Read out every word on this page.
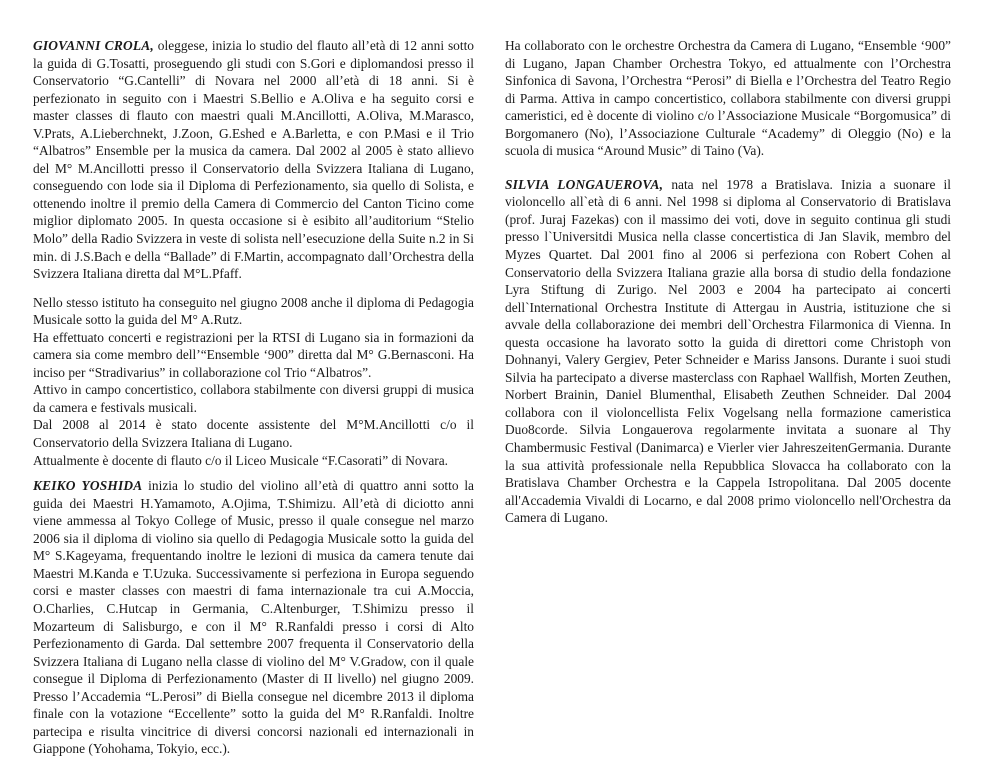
GIOVANNI CROLA, oleggese, inizia lo studio del flauto all’età di 12 anni sotto la guida di G.Tosatti, proseguendo gli studi con S.Gori e diplomandosi presso il Conservatorio “G.Cantelli” di Novara nel 2000 all’età di 18 anni. Si è perfezionato in seguito con i Maestri S.Bellio e A.Oliva e ha seguito corsi e master classes di flauto con maestri quali M.Ancillotti, A.Oliva, M.Marasco, V.Prats, A.Lieberchnekt, J.Zoon, G.Eshed e A.Barletta, e con P.Masi e il Trio “Albatros” Ensemble per la musica da camera. Dal 2002 al 2005 è stato allievo del M° M.Ancillotti presso il Conservatorio della Svizzera Italiana di Lugano, conseguendo con lode sia il Diploma di Perfezionamento, sia quello di Solista, e ottenendo inoltre il premio della Camera di Commercio del Canton Ticino come miglior diplomato 2005. In questa occasione si è esibito all’auditorium “Stelio Molo” della Radio Svizzera in veste di solista nell’esecuzione della Suite n.2 in Si min. di J.S.Bach e della “Ballade” di F.Martin, accompagnato dall’Orchestra della Svizzera Italiana diretta dal M°L.Pfaff.

Nello stesso istituto ha conseguito nel giugno 2008 anche il diploma di Pedagogia Musicale sotto la guida del M° A.Rutz.

Ha effettuato concerti e registrazioni per la RTSI di Lugano sia in formazioni da camera sia come membro dell’“Ensemble ‘900” diretta dal M° G.Bernasconi. Ha inciso per “Stradivarius” in collaborazione col Trio “Albatros”.

Attivo in campo concertistico, collabora stabilmente con diversi gruppi di musica da camera e festivals musicali.

Dal 2008 al 2014 è stato docente assistente del M°M.Ancillotti c/o il Conservatorio della Svizzera Italiana di Lugano.

Attualmente è docente di flauto c/o il Liceo Musicale “F.Casorati” di Novara.

KEIKO YOSHIDA inizia lo studio del violino all’età di quattro anni sotto la guida dei Maestri H.Yamamoto, A.Ojima, T.Shimizu. All’età di diciotto anni viene ammessa al Tokyo College of Music, presso il quale consegue nel marzo 2006 sia il diploma di violino sia quello di Pedagogia Musicale sotto la guida del M° S.Kageyama, frequentando inoltre le lezioni di musica da camera tenute dai Maestri M.Kanda e T.Uzuka. Successivamente si perfeziona in Europa seguendo corsi e master classes con maestri di fama internazionale tra cui A.Moccia, O.Charlies, C.Hutcap in Germania, C.Altenburger, T.Shimizu presso il Mozarteum di Salisburgo, e con il M° R.Ranfaldi presso i corsi di Alto Perfezionamento di Garda. Dal settembre 2007 frequenta il Conservatorio della Svizzera Italiana di Lugano nella classe di violino del M° V.Gradow, con il quale consegue il Diploma di Perfezionamento (Master di II livello) nel giugno 2009. Presso l’Accademia “L.Perosi” di Biella consegue nel dicembre 2013 il diploma finale con la votazione “Eccellente” sotto la guida del M° R.Ranfaldi. Inoltre partecipa e risulta vincitrice di diversi concorsi nazionali ed internazionali in Giappone (Yohohama, Tokyio, ecc.).

Ha collaborato con le orchestre Orchestra da Camera di Lugano, “Ensemble ‘900” di Lugano, Japan Chamber Orchestra Tokyo, ed attualmente con l’Orchestra Sinfonica di Savona, l’Orchestra “Perosi” di Biella e l’Orchestra del Teatro Regio di Parma. Attiva in campo concertistico, collabora stabilmente con diversi gruppi cameristici, ed è docente di violino c/o l’Associazione Musicale “Borgomusica” di Borgomanero (No), l’Associazione Culturale “Academy” di Oleggio (No) e la scuola di musica “Around Music” di Taino (Va).

SILVIA LONGAUEROVA, nata nel 1978 a Bratislava. Inizia a suonare il violoncello all`età di 6 anni. Nel 1998 si diploma al Conservatorio di Bratislava (prof. Juraj Fazekas) con il massimo dei voti, dove in seguito continua gli studi presso l`Universitdi Musica nella classe concertistica di Jan Slavik, membro del Myzes Quartet. Dal 2001 fino al 2006 si perfeziona con Robert Cohen al Conservatorio della Svizzera Italiana grazie alla borsa di studio della fondazione Lyra Stiftung di Zurigo. Nel 2003 e 2004 ha partecipato ai concerti dell`International Orchestra Institute di Attergau in Austria, istituzione che si avvale della collaborazione dei membri dell`Orchestra Filarmonica di Vienna. In questa occasione ha lavorato sotto la guida di direttori come Christoph von Dohnanyi, Valery Gergiev, Peter Schneider e Mariss Jansons. Durante i suoi studi Silvia ha partecipato a diverse masterclass con Raphael Wallfish, Morten Zeuthen, Norbert Brainin, Daniel Blumenthal, Elisabeth Zeuthen Schneider. Dal 2004 collabora con il violoncellista Felix Vogelsang nella formazione cameristica Duo8corde. Silvia Longauerova regolarmente invitata a suonare al Thy Chambermusic Festival (Danimarca) e Vierler vier JahreszeitenGermania. Durante la sua attività professionale nella Repubblica Slovacca ha collaborato con la Bratislava Chamber Orchestra e la Cappela Istropolitana. Dal 2005 docente all'Accademia Vivaldi di Locarno, e dal 2008 primo violoncello nell'Orchestra da Camera di Lugano.
